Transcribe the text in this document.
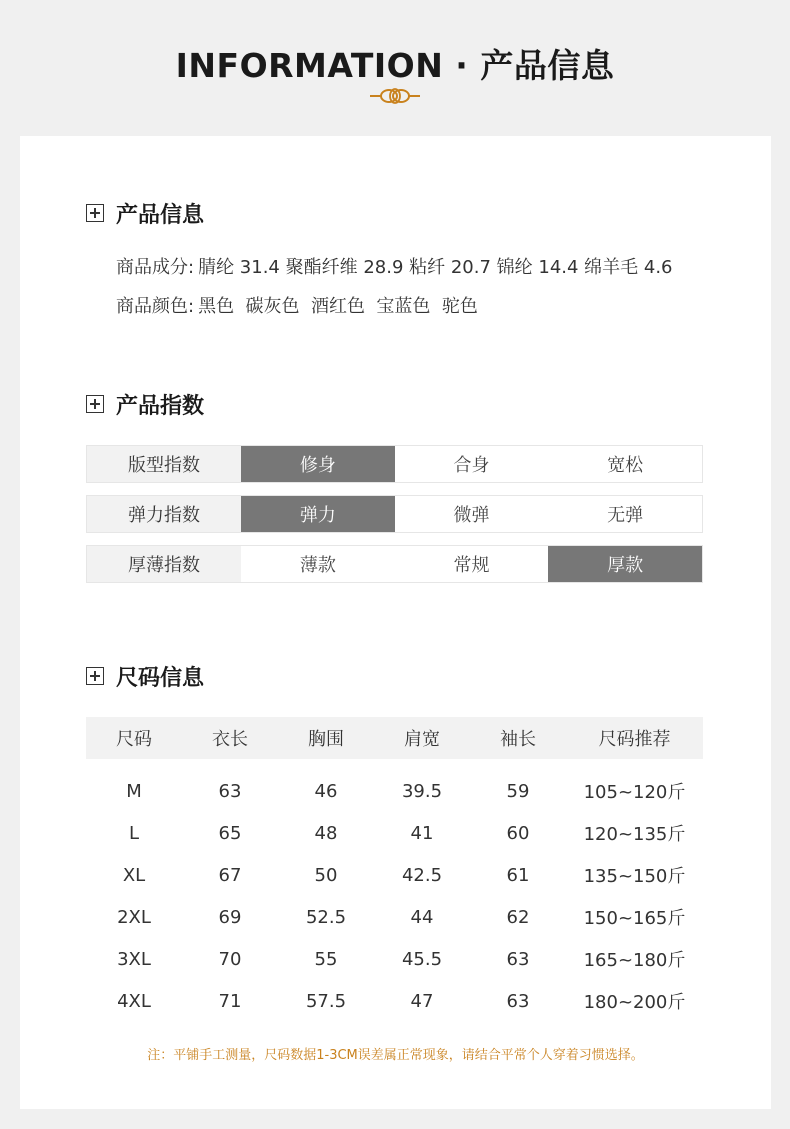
INFORMATION · 产品信息
产品信息
商品成分: 腈纶 31.4 聚酯纤维 28.9 粘纤 20.7 锦纶 14.4 绵羊毛 4.6
商品颜色: 黑色  碳灰色  酒红色  宝蓝色  驼色
产品指数
版型指数	修身	合身	宽松
弹力指数	弹力	微弹	无弹
厚薄指数	薄款	常规	厚款
尺码信息
尺码	衣长	胸围	肩宽	袖长	尺码推荐
M	63	46	39.5	59	105~120斤
L	65	48	41	60	120~135斤
XL	67	50	42.5	61	135~150斤
2XL	69	52.5	44	62	150~165斤
3XL	70	55	45.5	63	165~180斤
4XL	71	57.5	47	63	180~200斤
注：平铺手工测量，尺码数据1-3CM误差属正常现象，请结合平常个人穿着习惯选择。
